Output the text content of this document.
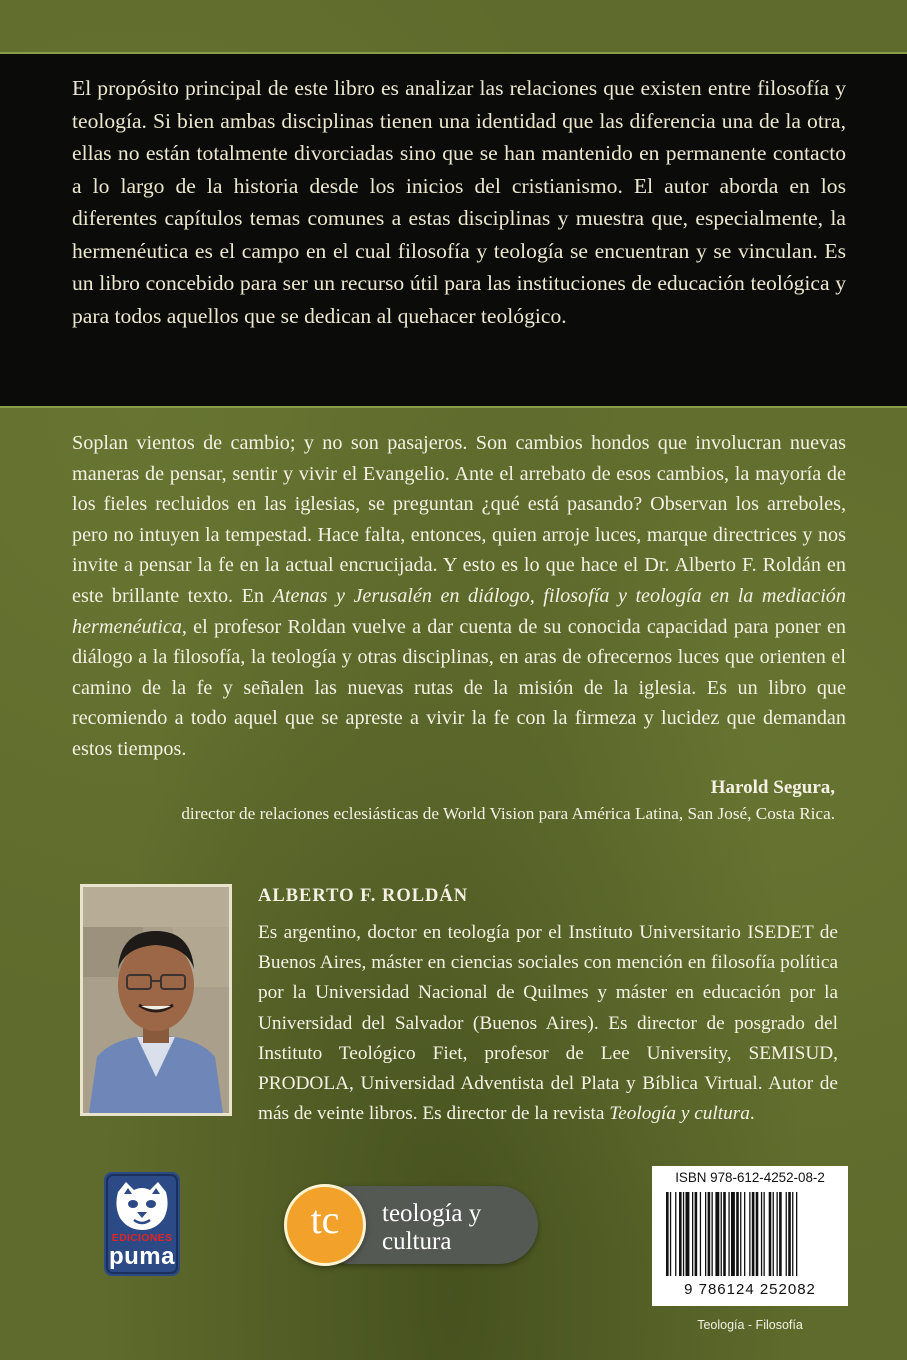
El propósito principal de este libro es analizar las relaciones que existen entre filosofía y teología. Si bien ambas disciplinas tienen una identidad que las diferencia una de la otra, ellas no están totalmente divorciadas sino que se han mantenido en permanente contacto a lo largo de la historia desde los inicios del cristianismo. El autor aborda en los diferentes capítulos temas comunes a estas disciplinas y muestra que, especialmente, la hermenéutica es el campo en el cual filosofía y teología se encuentran y se vinculan. Es un libro concebido para ser un recurso útil para las instituciones de educación teológica y para todos aquellos que se dedican al quehacer teológico.

Soplan vientos de cambio; y no son pasajeros. Son cambios hondos que involucran nuevas maneras de pensar, sentir y vivir el Evangelio. Ante el arrebato de esos cambios, la mayoría de los fieles recluidos en las iglesias, se preguntan ¿qué está pasando? Observan los arreboles, pero no intuyen la tempestad. Hace falta, entonces, quien arroje luces, marque directrices y nos invite a pensar la fe en la actual encrucijada. Y esto es lo que hace el Dr. Alberto F. Roldán en este brillante texto. En Atenas y Jerusalén en diálogo, filosofía y teología en la mediación hermenéutica, el profesor Roldan vuelve a dar cuenta de su conocida capacidad para poner en diálogo a la filosofía, la teología y otras disciplinas, en aras de ofrecernos luces que orienten el camino de la fe y señalen las nuevas rutas de la misión de la iglesia. Es un libro que recomiendo a todo aquel que se apreste a vivir la fe con la firmeza y lucidez que demandan estos tiempos.

Harold Segura,
director de relaciones eclesiásticas de World Vision para América Latina, San José, Costa Rica.
ALBERTO F. ROLDÁN

Es argentino, doctor en teología por el Instituto Universitario ISEDET de Buenos Aires, máster en ciencias sociales con mención en filosofía política por la Universidad Nacional de Quilmes y máster en educación por la Universidad del Salvador (Buenos Aires). Es director de posgrado del Instituto Teológico Fiet, profesor de Lee University, SEMISUD, PRODOLA, Universidad Adventista del Plata y Bíblica Virtual. Autor de más de veinte libros. Es director de la revista Teología y cultura.

EDICIONES
puma
tc	teología y
cultura
ISBN 978-612-4252-08-2
9 786124 252082
Teología - Filosofía
